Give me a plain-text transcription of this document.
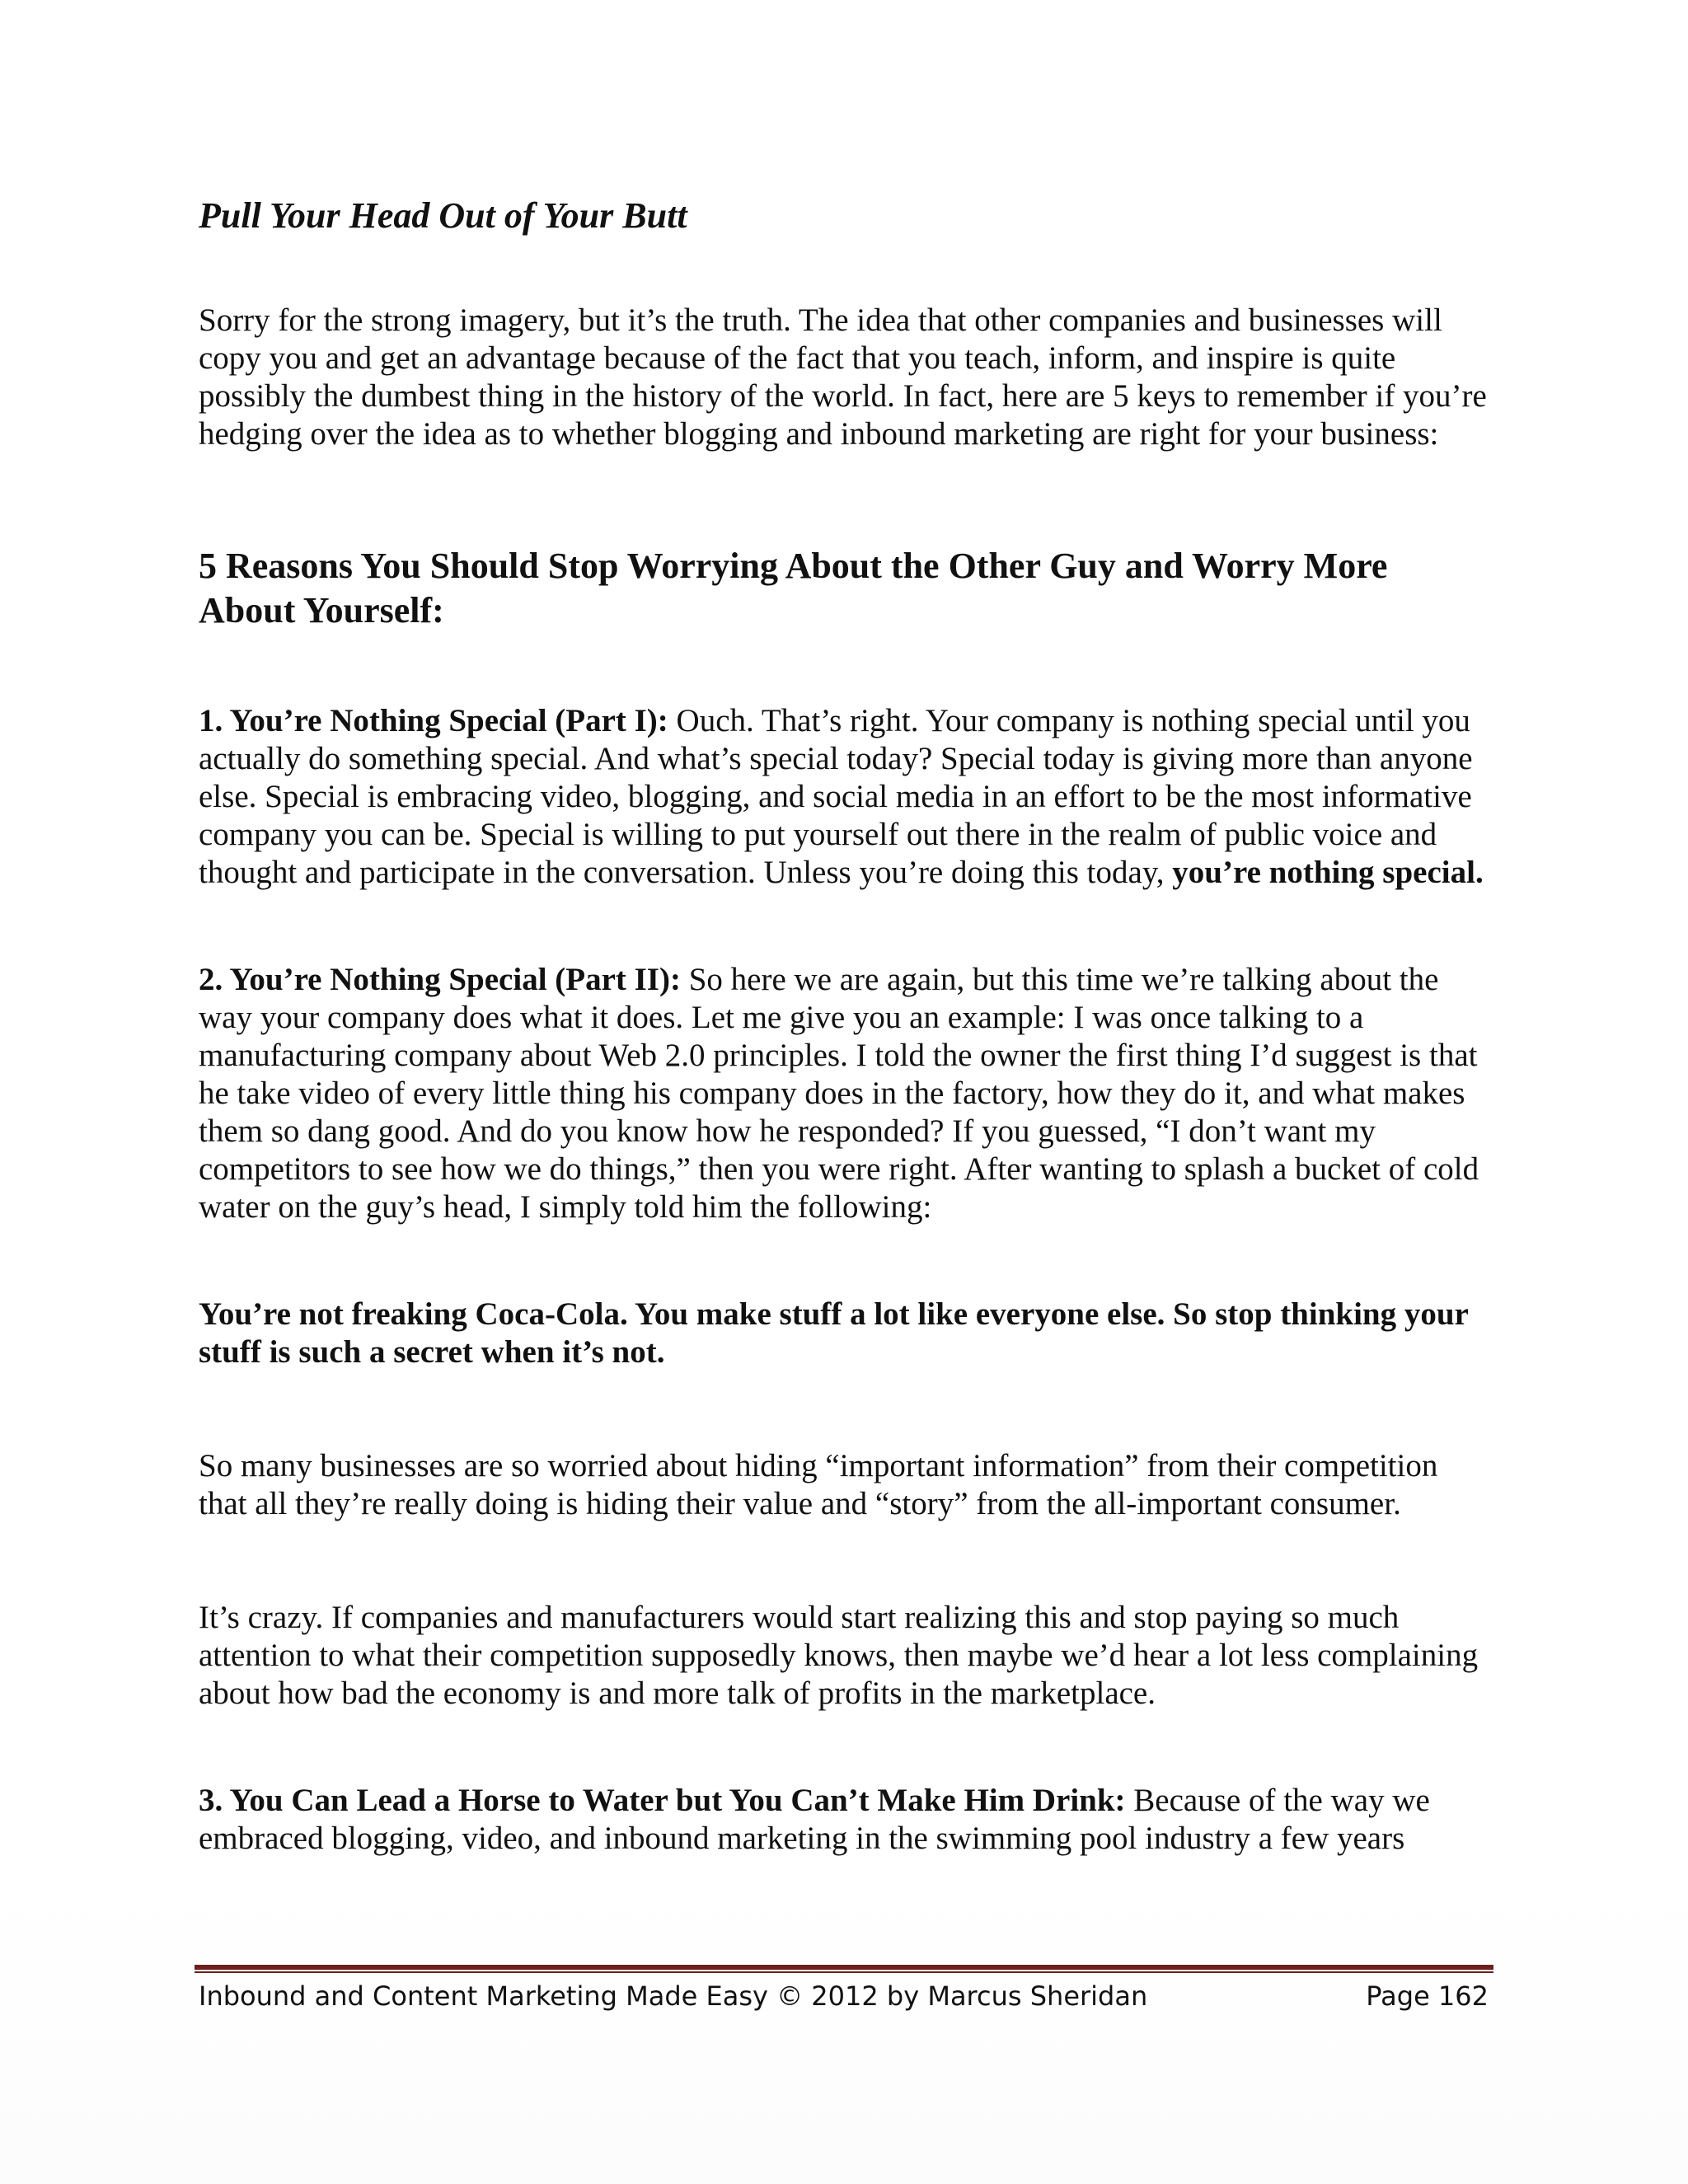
Pull Your Head Out of Your Butt

Sorry for the strong imagery, but it’s the truth. The idea that other companies and businesses will copy you and get an advantage because of the fact that you teach, inform, and inspire is quite possibly the dumbest thing in the history of the world. In fact, here are 5 keys to remember if you’re hedging over the idea as to whether blogging and inbound marketing are right for your business:

5 Reasons You Should Stop Worrying About the Other Guy and Worry More About Yourself:

1. You’re Nothing Special (Part I): Ouch. That’s right. Your company is nothing special until you actually do something special. And what’s special today? Special today is giving more than anyone else. Special is embracing video, blogging, and social media in an effort to be the most informative company you can be. Special is willing to put yourself out there in the realm of public voice and thought and participate in the conversation. Unless you’re doing this today, you’re nothing special.

2. You’re Nothing Special (Part II): So here we are again, but this time we’re talking about the way your company does what it does. Let me give you an example: I was once talking to a manufacturing company about Web 2.0 principles. I told the owner the first thing I’d suggest is that he take video of every little thing his company does in the factory, how they do it, and what makes them so dang good. And do you know how he responded? If you guessed, “I don’t want my competitors to see how we do things,” then you were right. After wanting to splash a bucket of cold water on the guy’s head, I simply told him the following:

You’re not freaking Coca-Cola. You make stuff a lot like everyone else. So stop thinking your stuff is such a secret when it’s not.

So many businesses are so worried about hiding “important information” from their competition that all they’re really doing is hiding their value and “story” from the all-important consumer.

It’s crazy. If companies and manufacturers would start realizing this and stop paying so much attention to what their competition supposedly knows, then maybe we’d hear a lot less complaining about how bad the economy is and more talk of profits in the marketplace.

3. You Can Lead a Horse to Water but You Can’t Make Him Drink: Because of the way we embraced blogging, video, and inbound marketing in the swimming pool industry a few years

Inbound and Content Marketing Made Easy © 2012 by Marcus Sheridan	Page 162
